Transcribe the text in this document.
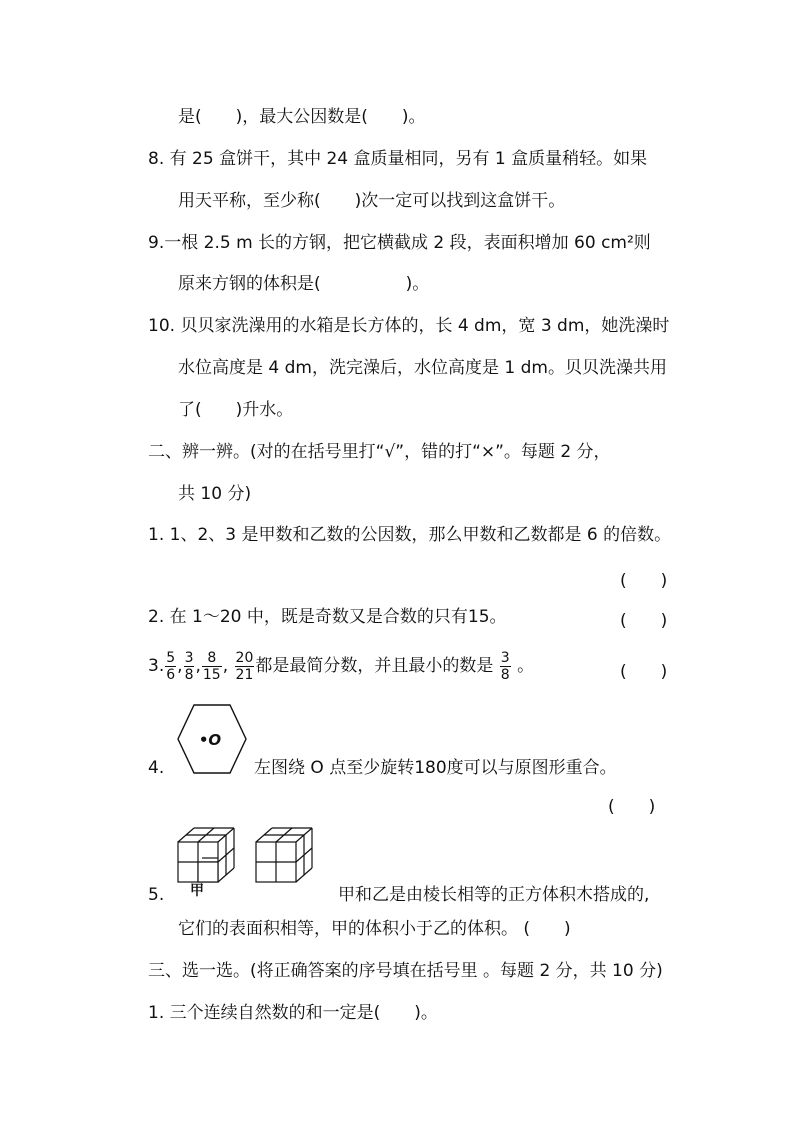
是(　　)，最大公因数是(　　)。
8. 有 25 盒饼干，其中 24 盒质量相同，另有 1 盒质量稍轻。如果
用天平称，至少称(　　)次一定可以找到这盒饼干。
9.一根 2.5 m 长的方钢，把它横截成 2 段，表面积增加 60 cm²则
原来方钢的体积是(　　　　　)。
10. 贝贝家洗澡用的水箱是长方体的，长 4 dm，宽 3 dm，她洗澡时
水位高度是 4 dm，洗完澡后，水位高度是 1 dm。贝贝洗澡共用
了(　　)升水。
二、辨一辨。(对的在括号里打“√”，错的打“×”。每题 2 分，
共 10 分)
1. 1、2、3 是甲数和乙数的公因数，那么甲数和乙数都是 6 的倍数。
(　　)
2. 在 1～20 中，既是奇数又是合数的只有15。	(　　)
3. $\frac{5}{6}$ , $\frac{3}{8}$ , $\frac{8}{15}$ , $\frac{20}{21}$ 都是最简分数，并且最小的数是 $\frac{3}{8}$ 。	(　　)
•O
4.	左图绕 O 点至少旋转180度可以与原图形重合。
(　　)
5. 甲	甲和乙是由棱长相等的正方体积木搭成的,
它们的表面积相等，甲的体积小于乙的体积。 (　　)
三、选一选。(将正确答案的序号填在括号里 。每题 2 分，共 10 分)
1. 三个连续自然数的和一定是(　　)。
